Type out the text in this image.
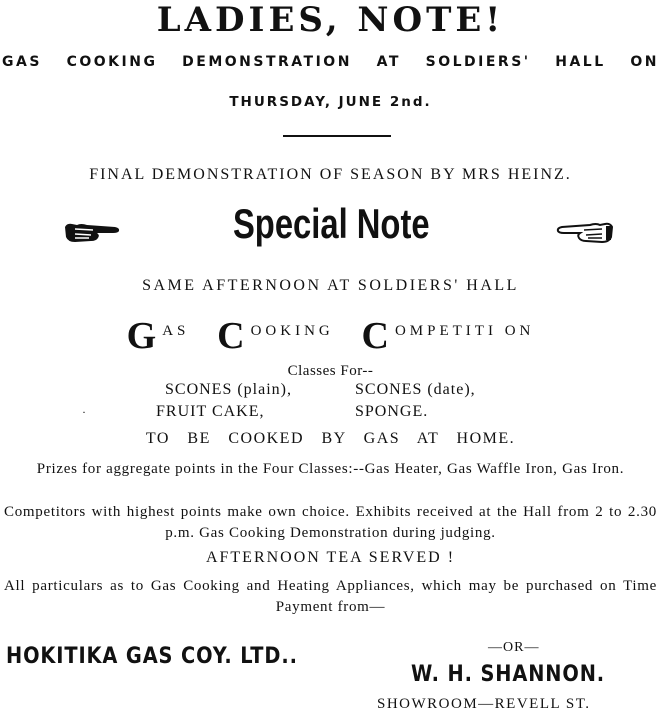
LADIES, NOTE!
GAS COOKING DEMONSTRATION AT SOLDIERS' HALL ON
THURSDAY, JUNE 2nd.
FINAL DEMONSTRATION OF SEASON BY MRS HEINZ.
Special Note
SAME AFTERNOON AT SOLDIERS' HALL
GAS C OOKING C OMPETITI ON
Classes For--
SCONES (plain),	SCONES (date),
·	FRUIT CAKE,	SPONGE.
TO BE COOKED BY GAS AT HOME.
Prizes for aggregate points in the Four Classes:--Gas Heater, Gas Waffle Iron, Gas Iron.
Competitors with highest points make own choice. Exhibits received at the Hall from 2 to 2.30 p.m. Gas Cooking Demonstration during judging.
AFTERNOON TEA SERVED !
All particulars as to Gas Cooking and Heating Appliances, which may be purchased on Time Payment from—
HOKITIKA GAS COY. LTD..	—OR—
W. H. SHANNON.
SHOWROOM—REVELL ST.
